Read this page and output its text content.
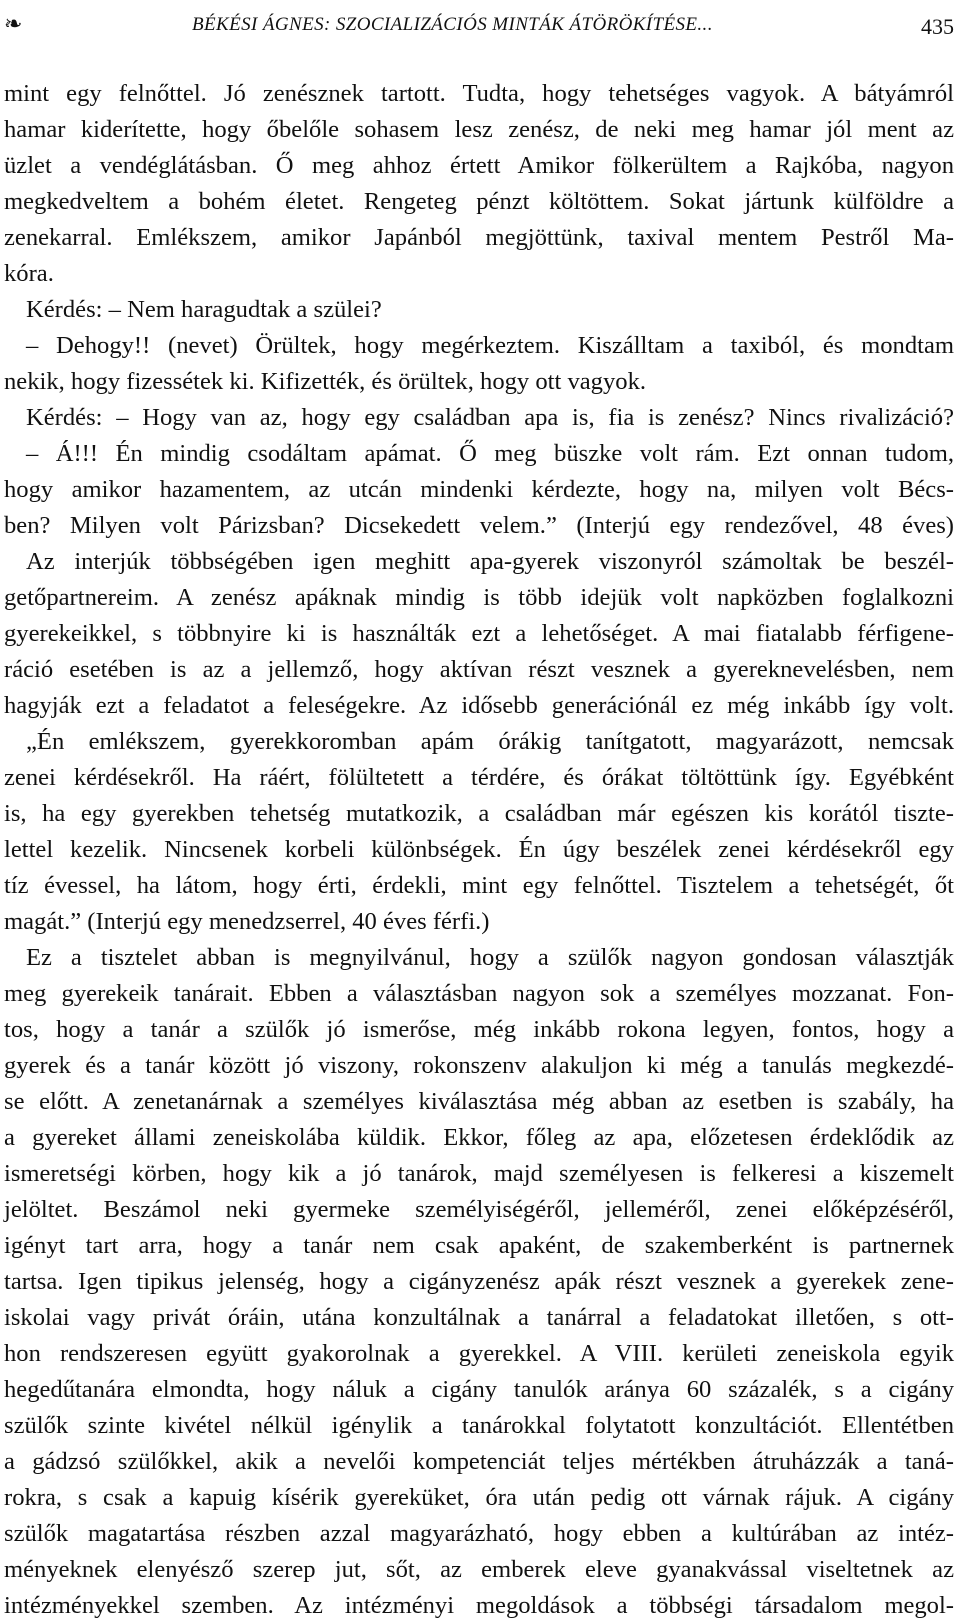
❧	BÉKÉSI ÁGNES: SZOCIALIZÁCIÓS MINTÁK ÁTÖRÖKÍTÉSE...	435
mint egy felnőttel. Jó zenésznek tartott. Tudta, hogy tehetséges vagyok. A bátyámról
hamar kiderítette, hogy őbelőle sohasem lesz zenész, de neki meg hamar jól ment az
üzlet a vendéglátásban. Ő meg ahhoz értett Amikor fölkerültem a Rajkóba, nagyon
megkedveltem a bohém életet. Rengeteg pénzt költöttem. Sokat jártunk külföldre a
zenekarral. Emlékszem, amikor Japánból megjöttünk, taxival mentem Pestről Ma-
kóra.
Kérdés: – Nem haragudtak a szülei?
– Dehogy!! (nevet) Örültek, hogy megérkeztem. Kiszálltam a taxiból, és mondtam
nekik, hogy fizessétek ki. Kifizették, és örültek, hogy ott vagyok.
Kérdés: – Hogy van az, hogy egy családban apa is, fia is zenész? Nincs rivalizáció?
– Á!!! Én mindig csodáltam apámat. Ő meg büszke volt rám. Ezt onnan tudom,
hogy amikor hazamentem, az utcán mindenki kérdezte, hogy na, milyen volt Bécs-
ben? Milyen volt Párizsban? Dicsekedett velem.” (Interjú egy rendezővel, 48 éves)
Az interjúk többségében igen meghitt apa-gyerek viszonyról számoltak be beszél-
getőpartnereim. A zenész apáknak mindig is több idejük volt napközben foglalkozni
gyerekeikkel, s többnyire ki is használták ezt a lehetőséget. A mai fiatalabb férfigene-
ráció esetében is az a jellemző, hogy aktívan részt vesznek a gyereknevelésben, nem
hagyják ezt a feladatot a feleségekre. Az idősebb generációnál ez még inkább így volt.
„Én emlékszem, gyerekkoromban apám órákig tanítgatott, magyarázott, nemcsak
zenei kérdésekről. Ha ráért, fölültetett a térdére, és órákat töltöttünk így. Egyébként
is, ha egy gyerekben tehetség mutatkozik, a családban már egészen kis korától tiszte-
lettel kezelik. Nincsenek korbeli különbségek. Én úgy beszélek zenei kérdésekről egy
tíz évessel, ha látom, hogy érti, érdekli, mint egy felnőttel. Tisztelem a tehetségét, őt
magát.” (Interjú egy menedzserrel, 40 éves férfi.)
Ez a tisztelet abban is megnyilvánul, hogy a szülők nagyon gondosan választják
meg gyerekeik tanárait. Ebben a választásban nagyon sok a személyes mozzanat. Fon-
tos, hogy a tanár a szülők jó ismerőse, még inkább rokona legyen, fontos, hogy a
gyerek és a tanár között jó viszony, rokonszenv alakuljon ki még a tanulás megkezdé-
se előtt. A zenetanárnak a személyes kiválasztása még abban az esetben is szabály, ha
a gyereket állami zeneiskolába küldik. Ekkor, főleg az apa, előzetesen érdeklődik az
ismeretségi körben, hogy kik a jó tanárok, majd személyesen is felkeresi a kiszemelt
jelöltet. Beszámol neki gyermeke személyiségéről, jelleméről, zenei előképzéséről,
igényt tart arra, hogy a tanár nem csak apaként, de szakemberként is partnernek
tartsa. Igen tipikus jelenség, hogy a cigányzenész apák részt vesznek a gyerekek zene-
iskolai vagy privát óráin, utána konzultálnak a tanárral a feladatokat illetően, s ott-
hon rendszeresen együtt gyakorolnak a gyerekkel. A VIII. kerületi zeneiskola egyik
hegedűtanára elmondta, hogy náluk a cigány tanulók aránya 60 százalék, s a cigány
szülők szinte kivétel nélkül igénylik a tanárokkal folytatott konzultációt. Ellentétben
a gádzsó szülőkkel, akik a nevelői kompetenciát teljes mértékben átruházzák a taná-
rokra, s csak a kapuig kísérik gyereküket, óra után pedig ott várnak rájuk. A cigány
szülők magatartása részben azzal magyarázható, hogy ebben a kultúrában az intéz-
ményeknek elenyésző szerep jut, sőt, az emberek eleve gyanakvással viseltetnek az
intézményekkel szemben. Az intézményi megoldások a többségi társadalom megol-
